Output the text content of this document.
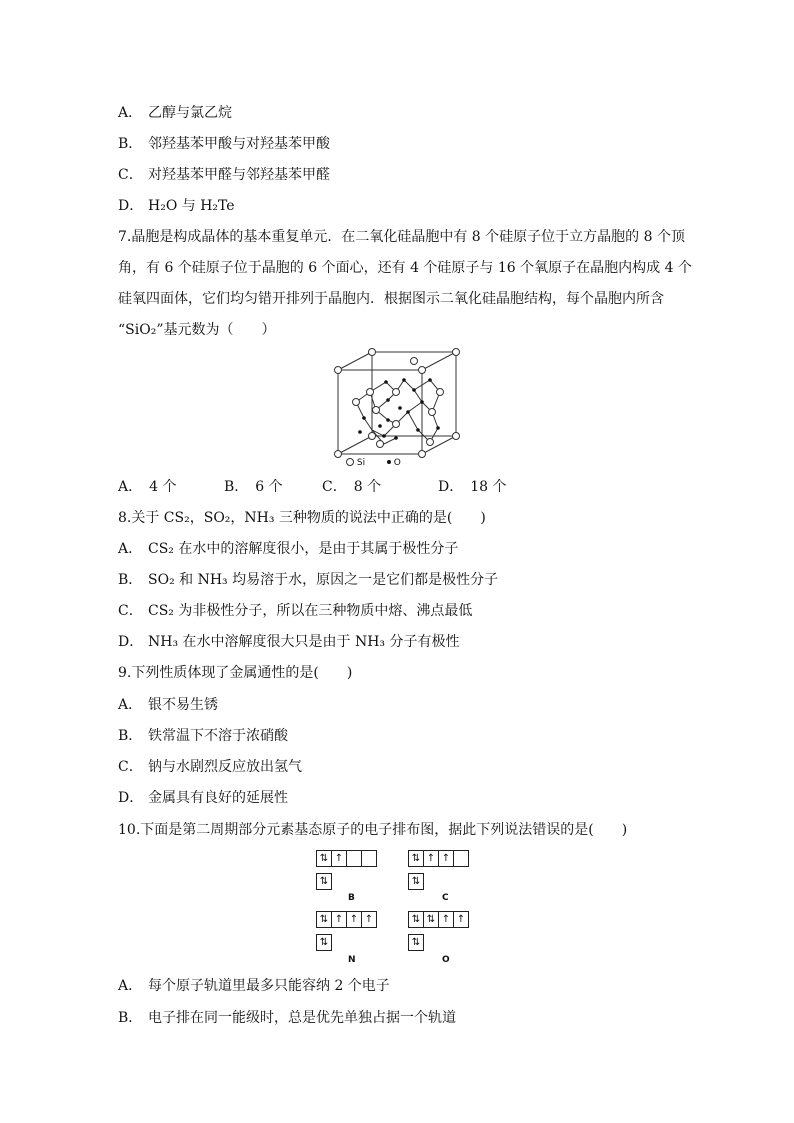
A． 乙醇与氯乙烷
B． 邻羟基苯甲酸与对羟基苯甲酸
C． 对羟基苯甲醛与邻羟基苯甲醛
D． H₂O 与 H₂Te
7.晶胞是构成晶体的基本重复单元．在二氧化硅晶胞中有 8 个硅原子位于立方晶胞的 8 个顶
角，有 6 个硅原子位于晶胞的 6 个面心，还有 4 个硅原子与 16 个氧原子在晶胞内构成 4 个
硅氧四面体，它们均匀错开排列于晶胞内．根据图示二氧化硅晶胞结构，每个晶胞内所含
“SiO₂”基元数为（　　）
Si	O
A．　4 个	B．　6 个	C．　8 个	D．　18 个
8.关于 CS₂，SO₂，NH₃ 三种物质的说法中正确的是(　　)
A． CS₂ 在水中的溶解度很小，是由于其属于极性分子
B． SO₂ 和 NH₃ 均易溶于水，原因之一是它们都是极性分子
C． CS₂ 为非极性分子，所以在三种物质中熔、沸点最低
D． NH₃ 在水中溶解度很大只是由于 NH₃ 分子有极性
9.下列性质体现了金属通性的是(　　)
A． 银不易生锈
B． 铁常温下不溶于浓硝酸
C． 钠与水剧烈反应放出氢气
D． 金属具有良好的延展性
10.下面是第二周期部分元素基态原子的电子排布图，据此下列说法错误的是(　　)
⇅ ↑
⇅
B
⇅ ↑ ↑
⇅
C
⇅ ↑ ↑ ↑
⇅
N
⇅ ⇅ ↑ ↑
⇅
O
A． 每个原子轨道里最多只能容纳 2 个电子
B． 电子排在同一能级时，总是优先单独占据一个轨道
